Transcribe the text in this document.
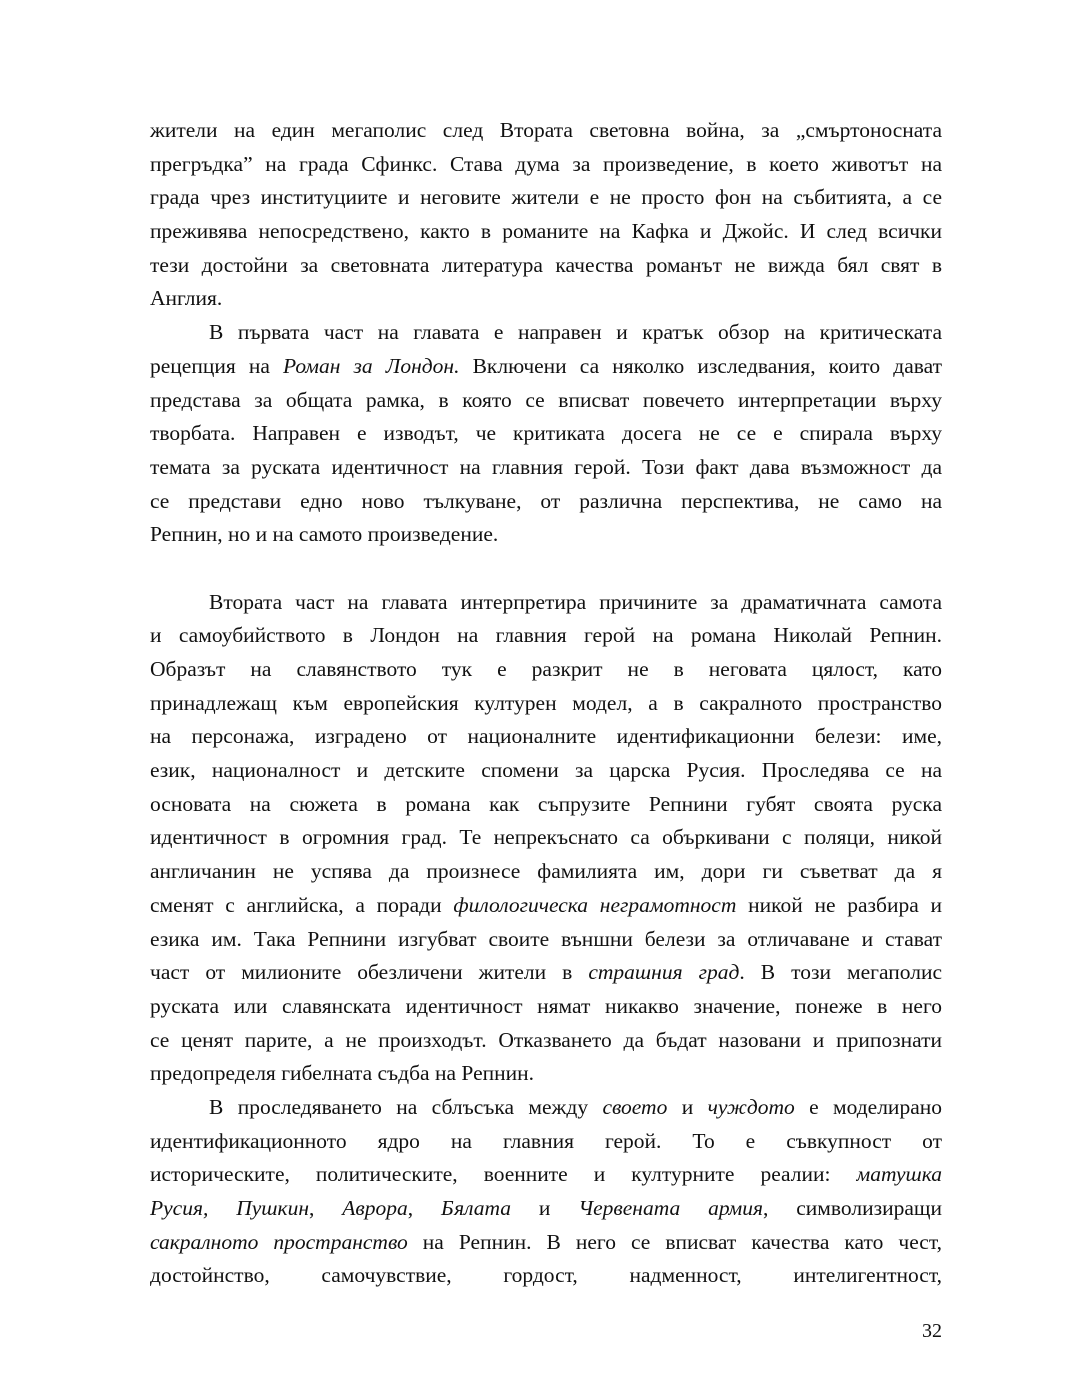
жители на един мегаполис след Втората световна война, за „смъртоносната
прегръдка” на града Сфинкс. Става дума за произведение, в което животът на
града чрез институциите и неговите жители е не просто фон на събитията, а се
преживява непосредствено, както в романите на Кафка и Джойс. И след всички
тези достойни за световната литература качества романът не вижда бял свят в
Англия.
В първата част на главата е направен и кратък обзор на критическата
рецепция на Роман за Лондон. Включени са няколко изследвания, които дават
представа за общата рамка, в която се вписват повечето интерпретации върху
творбата. Направен е изводът, че критиката досега не се е спирала върху
темата за руската идентичност на главния герой. Този факт дава възможност да
се представи едно ново тълкуване, от различна перспектива, не само на
Репнин, но и на самото произведение.
Втората част на главата интерпретира причините за драматичната самота
и самоубийството в Лондон на главния герой на романа Николай Репнин.
Образът на славянството тук е разкрит не в неговата цялост, като
принадлежащ към европейския културен модел, а в сакралното пространство
на персонажа, изградено от националните идентификационни белези: име,
език, националност и детските спомени за царска Русия. Проследява се на
основата на сюжета в романа как съпрузите Репнини губят своята руска
идентичност в огромния град. Те непрекъснато са объркивани с поляци, никой
англичанин не успява да произнесе фамилията им, дори ги съветват да я
сменят с английска, а поради филологическа неграмотност никой не разбира и
езика им. Така Репнини изгубват своите външни белези за отличаване и стават
част от милионите обезличени жители в страшния град. В този мегаполис
руската или славянската идентичност нямат никакво значение, понеже в него
се ценят парите, а не произходът. Отказването да бъдат назовани и припознати
предопределя гибелната съдба на Репнин.
В проследяването на сблъсъка между своето и чуждото е моделирано
идентификационното ядро на главния герой. То е съвкупност от
историческите, политическите, военните и културните реалии: матушка
Русия, Пушкин, Аврора, Бялата и Червената армия, символизиращи
сакралното пространство на Репнин. В него се вписват качества като чест,
достойнство, самочувствие, гордост, надменност, интелигентност,
32
